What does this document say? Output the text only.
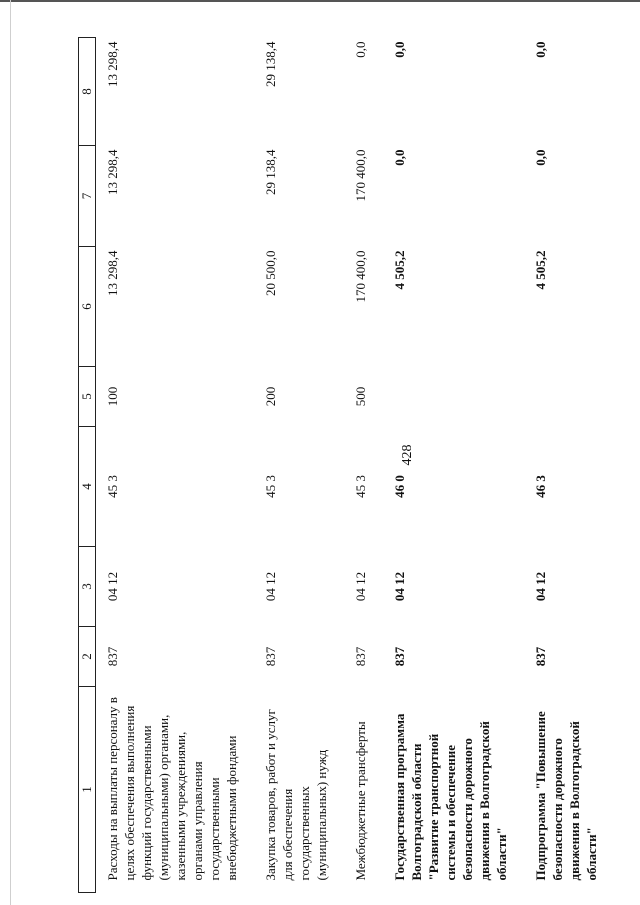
428
1	2	3	4	5	6	7	8
Расходы на выплаты персоналу в целях обеспечения выполнения функций государственными (муниципальными) органами, казенными учреждениями, органами управления государственными внебюджетными фондами	837	04 12	45 3	100	13 298,4	13 298,4	13 298,4
Закупка товаров, работ и услуг для обеспечения государственных (муниципальных) нужд	837	04 12	45 3	200	20 500,0	29 138,4	29 138,4
Межбюджетные трансферты	837	04 12	45 3	500	170 400,0	170 400,0	0,0
Государственная программа Волгоградской области "Развитие транспортной системы и обеспечение безопасности дорожного движения в Волгоградской области"	837	04 12	46 0		4 505,2	0,0	0,0
Подпрограмма "Повышение безопасности дорожного движения в Волгоградской области"	837	04 12	46 3		4 505,2	0,0	0,0
